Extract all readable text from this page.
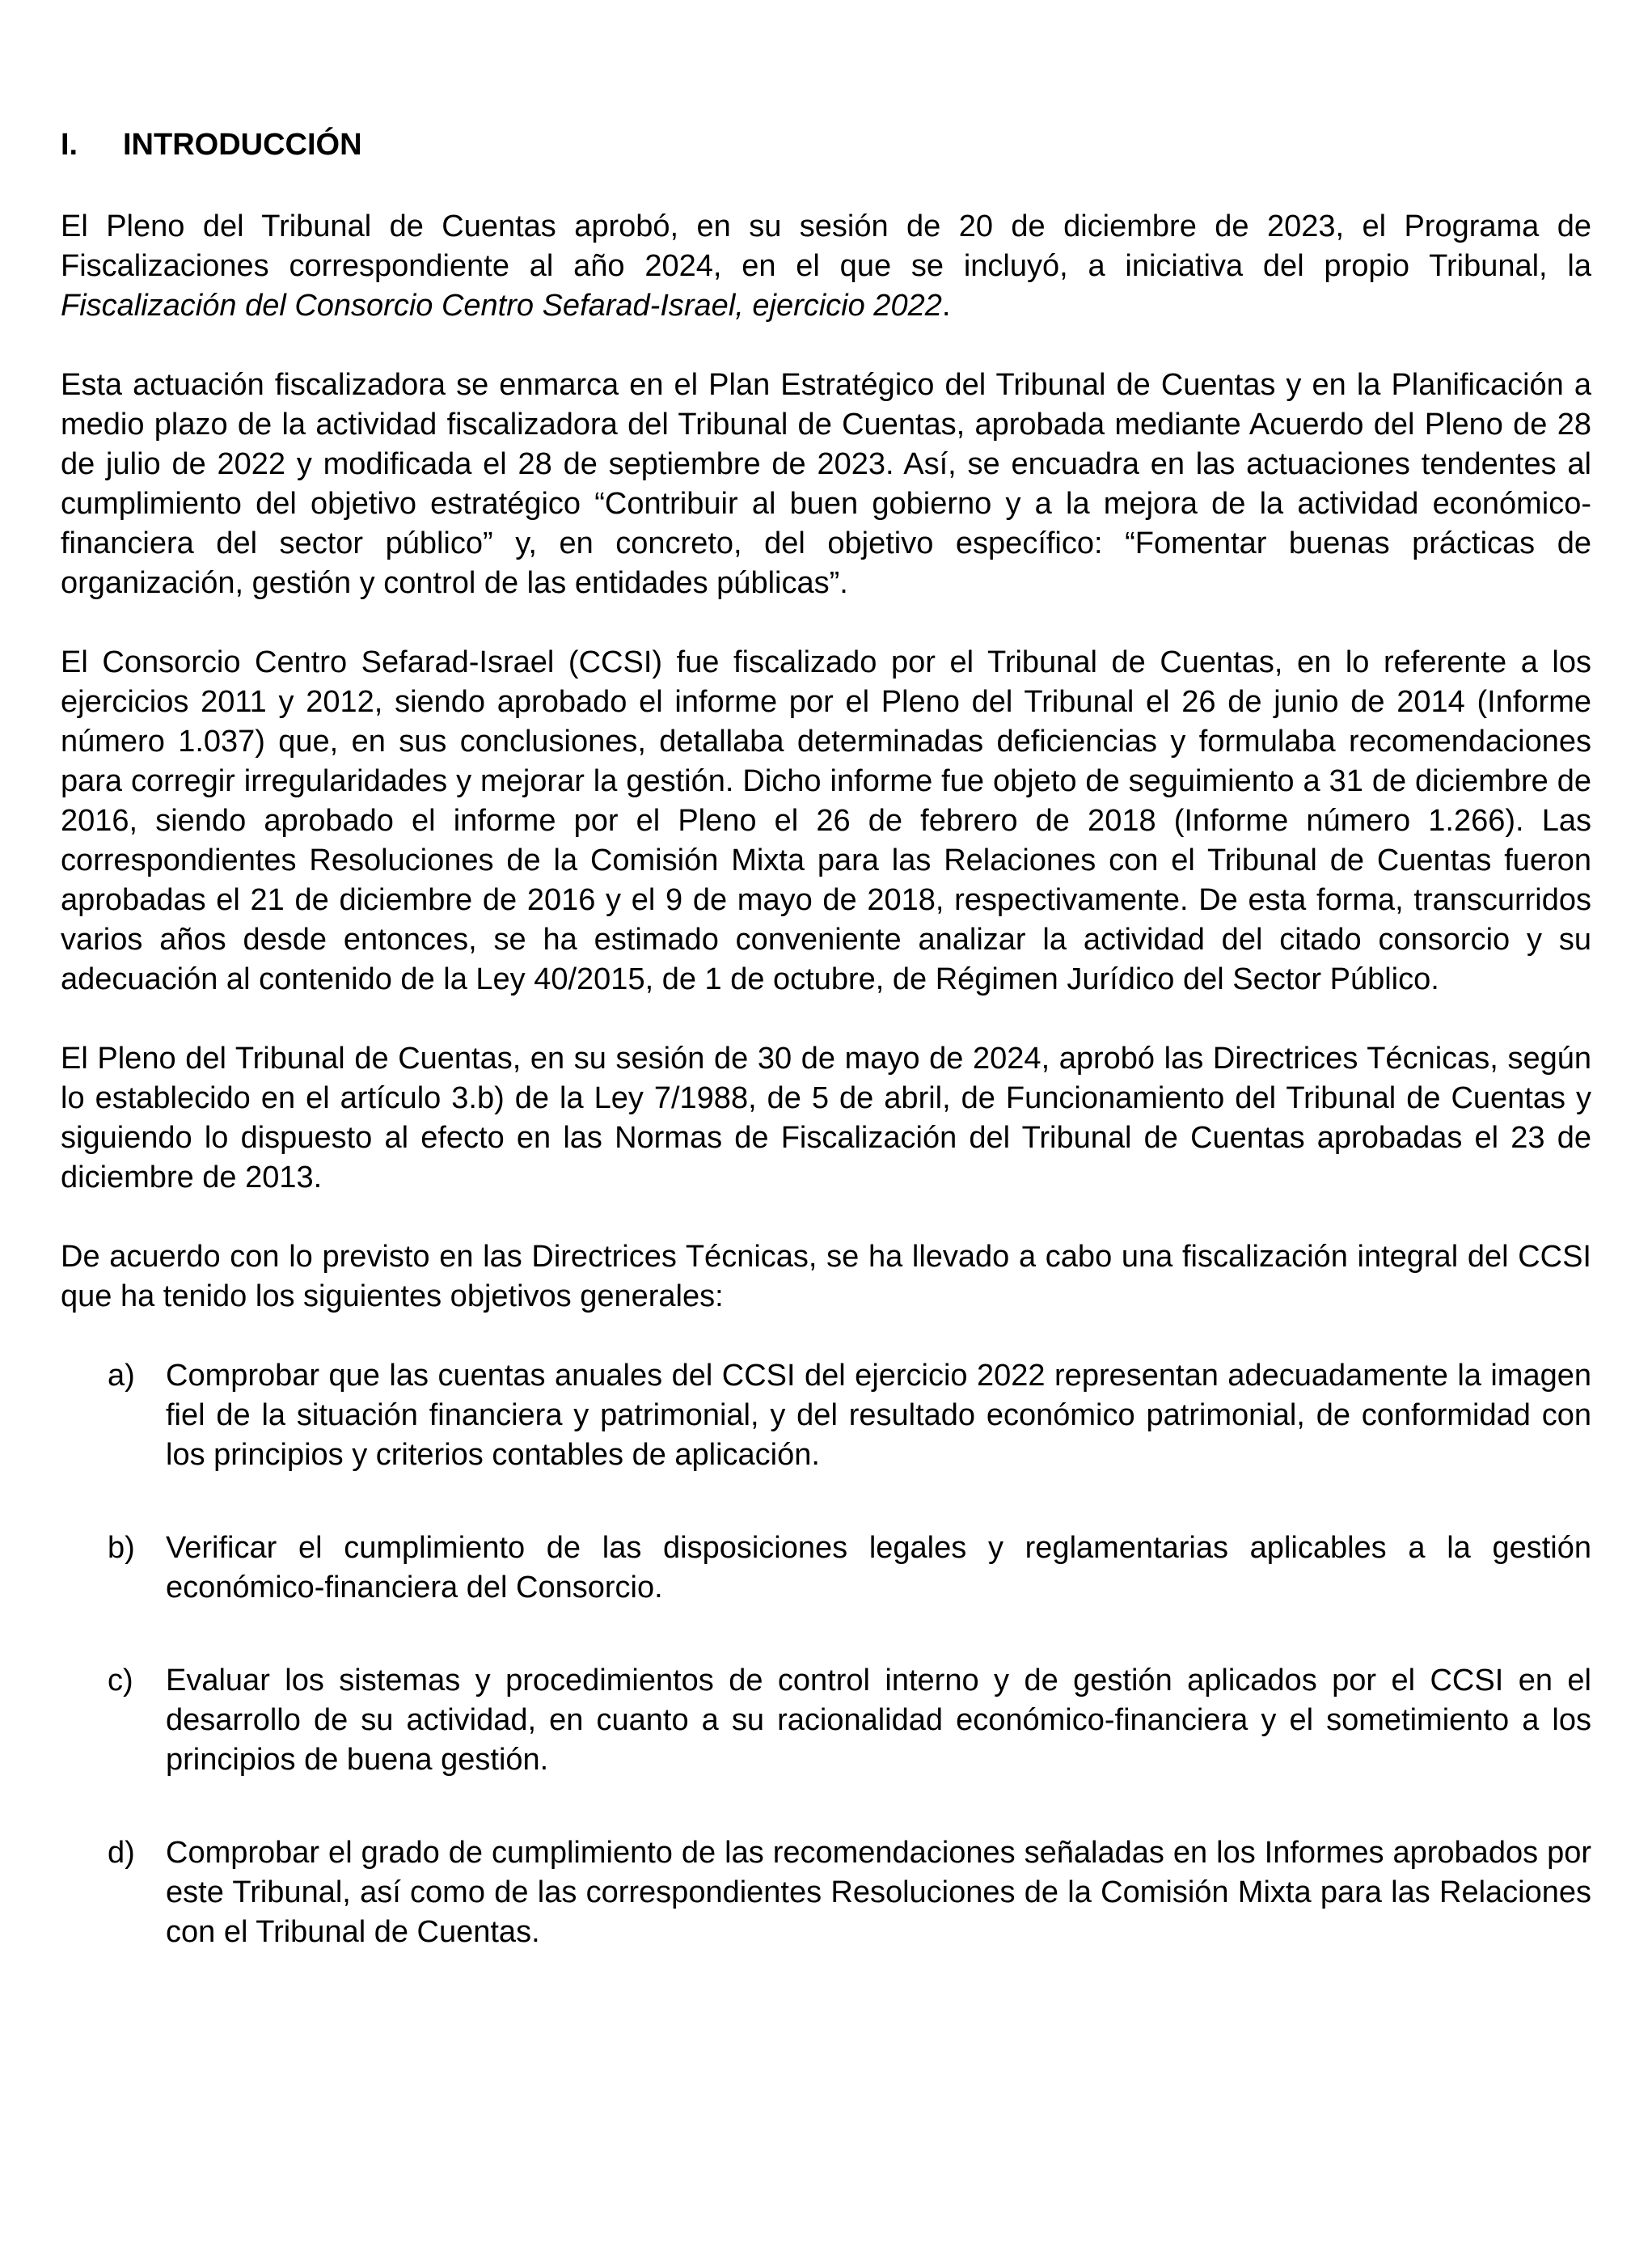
I.	INTRODUCCIÓN

El Pleno del Tribunal de Cuentas aprobó, en su sesión de 20 de diciembre de 2023, el Programa de Fiscalizaciones correspondiente al año 2024, en el que se incluyó, a iniciativa del propio Tribunal, la Fiscalización del Consorcio Centro Sefarad-Israel, ejercicio 2022.

Esta actuación fiscalizadora se enmarca en el Plan Estratégico del Tribunal de Cuentas y en la Planificación a medio plazo de la actividad fiscalizadora del Tribunal de Cuentas, aprobada mediante Acuerdo del Pleno de 28 de julio de 2022 y modificada el 28 de septiembre de 2023. Así, se encuadra en las actuaciones tendentes al cumplimiento del objetivo estratégico “Contribuir al buen gobierno y a la mejora de la actividad económico-financiera del sector público” y, en concreto, del objetivo específico: “Fomentar buenas prácticas de organización, gestión y control de las entidades públicas”.

El Consorcio Centro Sefarad-Israel (CCSI) fue fiscalizado por el Tribunal de Cuentas, en lo referente a los ejercicios 2011 y 2012, siendo aprobado el informe por el Pleno del Tribunal el 26 de junio de 2014 (Informe número 1.037) que, en sus conclusiones, detallaba determinadas deficiencias y formulaba recomendaciones para corregir irregularidades y mejorar la gestión. Dicho informe fue objeto de seguimiento a 31 de diciembre de 2016, siendo aprobado el informe por el Pleno el 26 de febrero de 2018 (Informe número 1.266). Las correspondientes Resoluciones de la Comisión Mixta para las Relaciones con el Tribunal de Cuentas fueron aprobadas el 21 de diciembre de 2016 y el 9 de mayo de 2018, respectivamente. De esta forma, transcurridos varios años desde entonces, se ha estimado conveniente analizar la actividad del citado consorcio y su adecuación al contenido de la Ley 40/2015, de 1 de octubre, de Régimen Jurídico del Sector Público.

El Pleno del Tribunal de Cuentas, en su sesión de 30 de mayo de 2024, aprobó las Directrices Técnicas, según lo establecido en el artículo 3.b) de la Ley 7/1988, de 5 de abril, de Funcionamiento del Tribunal de Cuentas y siguiendo lo dispuesto al efecto en las Normas de Fiscalización del Tribunal de Cuentas aprobadas el 23 de diciembre de 2013.

De acuerdo con lo previsto en las Directrices Técnicas, se ha llevado a cabo una fiscalización integral del CCSI que ha tenido los siguientes objetivos generales:

a)	Comprobar que las cuentas anuales del CCSI del ejercicio 2022 representan adecuadamente la imagen fiel de la situación financiera y patrimonial, y del resultado económico patrimonial, de conformidad con los principios y criterios contables de aplicación.
b)	Verificar el cumplimiento de las disposiciones legales y reglamentarias aplicables a la gestión económico-financiera del Consorcio.
c)	Evaluar los sistemas y procedimientos de control interno y de gestión aplicados por el CCSI en el desarrollo de su actividad, en cuanto a su racionalidad económico-financiera y el sometimiento a los principios de buena gestión.
d)	Comprobar el grado de cumplimiento de las recomendaciones señaladas en los Informes aprobados por este Tribunal, así como de las correspondientes Resoluciones de la Comisión Mixta para las Relaciones con el Tribunal de Cuentas.
